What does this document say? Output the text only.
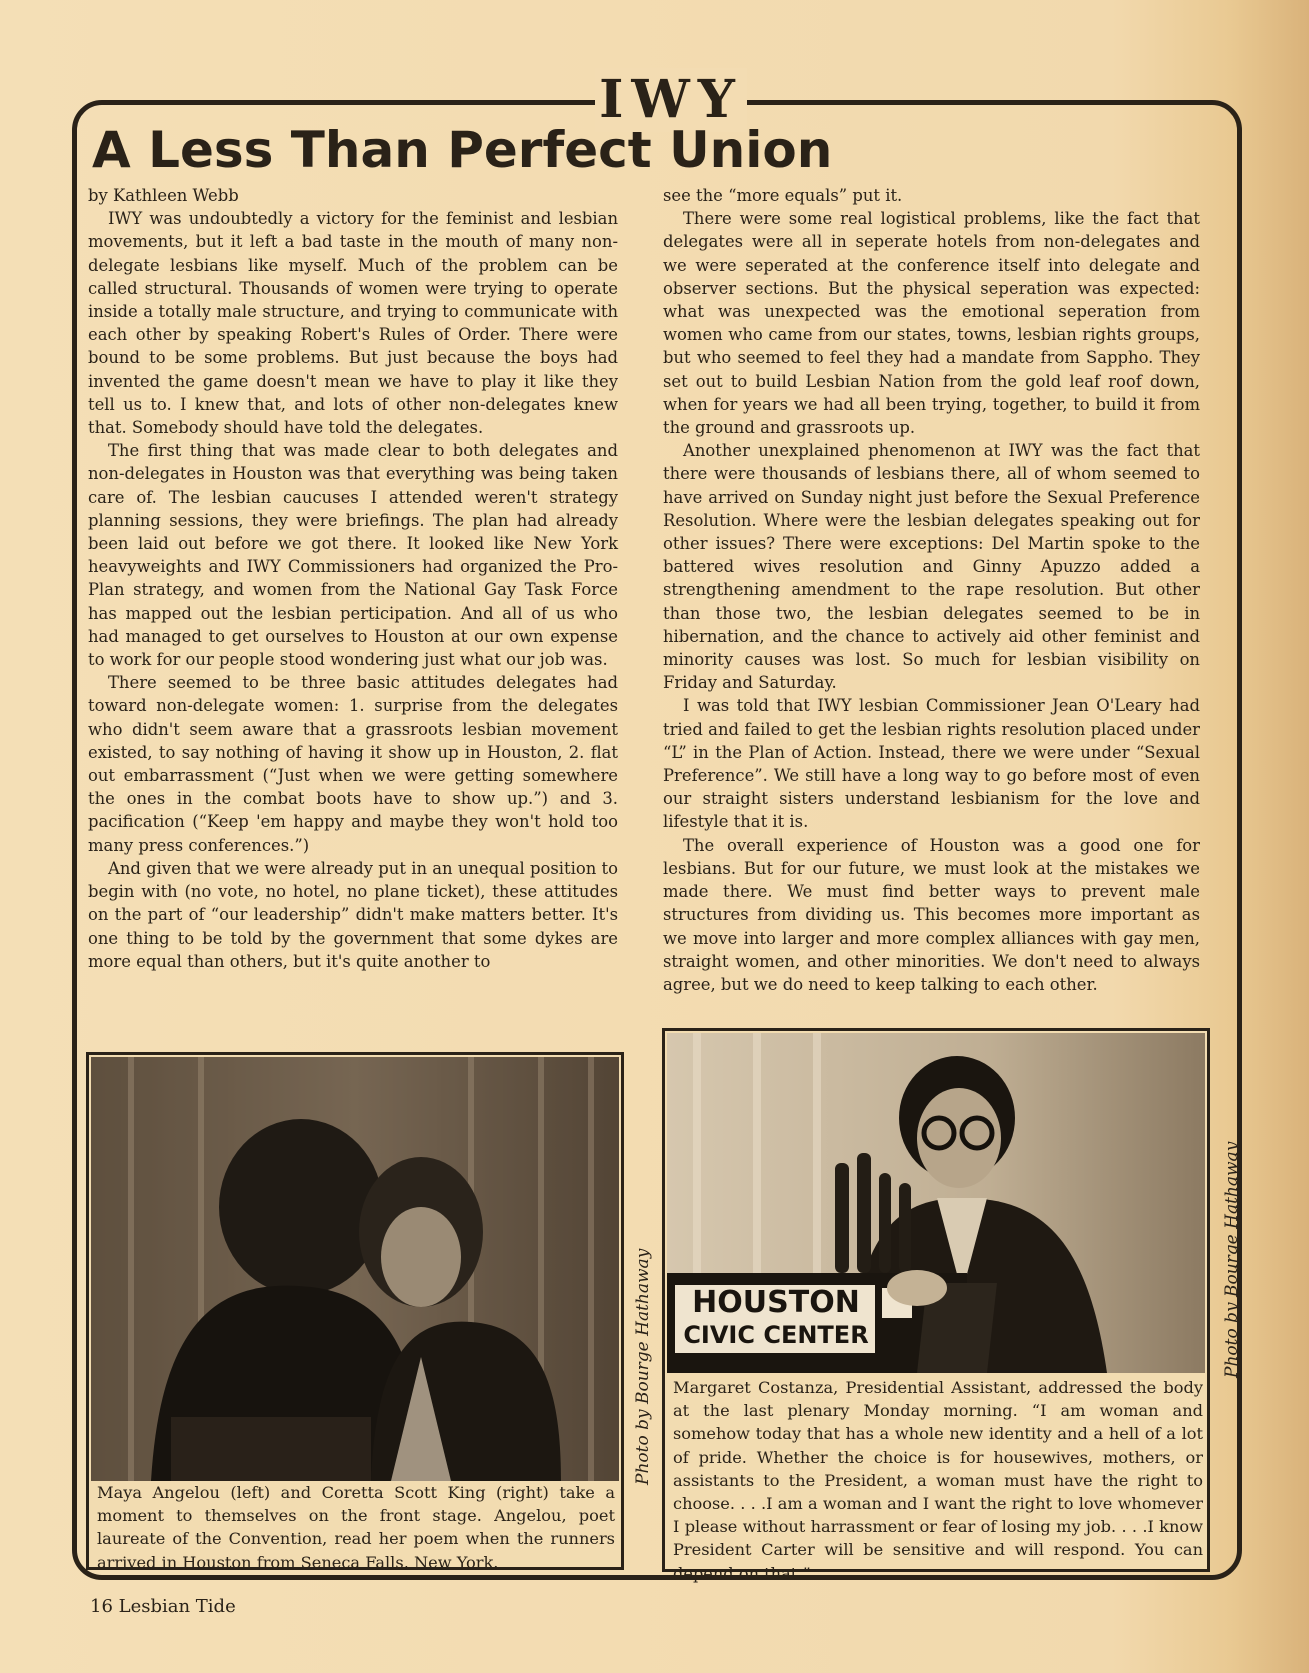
IWY
A Less Than Perfect Union

by Kathleen Webb

IWY was undoubtedly a victory for the feminist and lesbian movements, but it left a bad taste in the mouth of many non-delegate lesbians like myself. Much of the problem can be called structural. Thousands of women were trying to operate inside a totally male structure, and trying to communicate with each other by speaking Robert's Rules of Order. There were bound to be some problems. But just because the boys had invented the game doesn't mean we have to play it like they tell us to. I knew that, and lots of other non-delegates knew that. Somebody should have told the delegates.

The first thing that was made clear to both delegates and non-delegates in Houston was that everything was being taken care of. The lesbian caucuses I attended weren't strategy planning sessions, they were briefings. The plan had already been laid out before we got there. It looked like New York heavyweights and IWY Commissioners had organized the Pro-Plan strategy, and women from the National Gay Task Force has mapped out the lesbian perticipation. And all of us who had managed to get ourselves to Houston at our own expense to work for our people stood wondering just what our job was.

There seemed to be three basic attitudes delegates had toward non-delegate women: 1. surprise from the delegates who didn't seem aware that a grassroots lesbian movement existed, to say nothing of having it show up in Houston, 2. flat out embarrassment (“Just when we were getting somewhere the ones in the combat boots have to show up.”) and 3. pacification (“Keep 'em happy and maybe they won't hold too many press conferences.”)

And given that we were already put in an unequal position to begin with (no vote, no hotel, no plane ticket), these attitudes on the part of “our leadership” didn't make matters better. It's one thing to be told by the government that some dykes are more equal than others, but it's quite another to

see the “more equals” put it.

There were some real logistical problems, like the fact that delegates were all in seperate hotels from non-delegates and we were seperated at the conference itself into delegate and observer sections. But the physical seperation was expected: what was unexpected was the emotional seperation from women who came from our states, towns, lesbian rights groups, but who seemed to feel they had a mandate from Sappho. They set out to build Lesbian Nation from the gold leaf roof down, when for years we had all been trying, together, to build it from the ground and grassroots up.

Another unexplained phenomenon at IWY was the fact that there were thousands of lesbians there, all of whom seemed to have arrived on Sunday night just before the Sexual Preference Resolution. Where were the lesbian delegates speaking out for other issues? There were exceptions: Del Martin spoke to the battered wives resolution and Ginny Apuzzo added a strengthening amendment to the rape resolution. But other than those two, the lesbian delegates seemed to be in hibernation, and the chance to actively aid other feminist and minority causes was lost. So much for lesbian visibility on Friday and Saturday.

I was told that IWY lesbian Commissioner Jean O'Leary had tried and failed to get the lesbian rights resolution placed under “L” in the Plan of Action. Instead, there we were under “Sexual Preference”. We still have a long way to go before most of even our straight sisters understand lesbianism for the love and lifestyle that it is.

The overall experience of Houston was a good one for lesbians. But for our future, we must look at the mistakes we made there. We must find better ways to prevent male structures from dividing us. This becomes more important as we move into larger and more complex alliances with gay men, straight women, and other minorities. We don't need to always agree, but we do need to keep talking to each other.

Maya Angelou (left) and Coretta Scott King (right) take a moment to themselves on the front stage. Angelou, poet laureate of the Convention, read her poem when the runners arrived in Houston from Seneca Falls, New York.
Photo by Bourge Hathaway	HOUSTON
CIVIC CENTER
Margaret Costanza, Presidential Assistant, addressed the body at the last plenary Monday morning. “I am woman and somehow today that has a whole new identity and a hell of a lot of pride. Whether the choice is for housewives, mothers, or assistants to the President, a woman must have the right to choose. . . .I am a woman and I want the right to love whomever I please without harrassment or fear of losing my job. . . .I know President Carter will be sensitive and will respond. You can depend on that.”
Photo by Bourge Hathaway
16 Lesbian Tide
